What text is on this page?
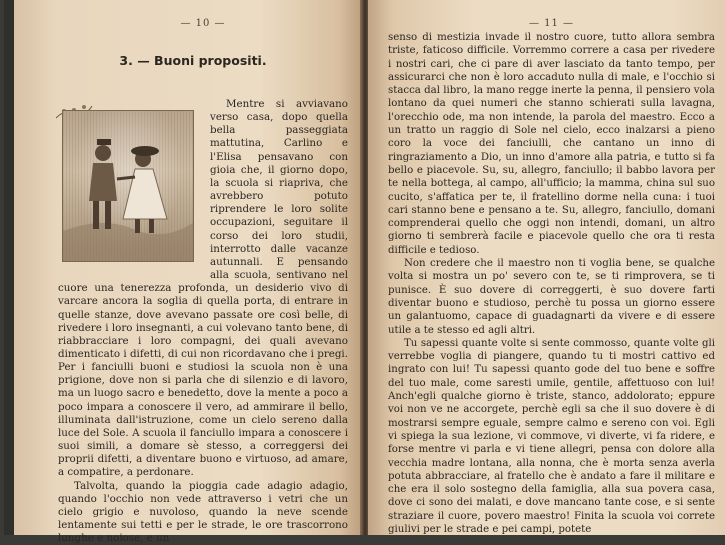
— 10 —
3. — Buoni propositi.

Mentre si avviavano verso casa, dopo quella bella passeggiata mattutina, Carlino e l'Elisa pensavano con gioia che, il giorno dopo, la scuola si riapriva, che avrebbero potuto riprendere le loro solite occupazioni, seguitare il corso dei loro studii, interrotto dalle vacanze autunnali. E pensando alla scuola, sentivano nel cuore una tenerezza profonda, un desiderio vivo di varcare ancora la soglia di quella porta, di entrare in quelle stanze, dove avevano passate ore così belle, di rivedere i loro insegnanti, a cui volevano tanto bene, di riabbracciare i loro compagni, dei quali avevano dimenticato i difetti, di cui non ricordavano che i pregi. Per i fanciulli buoni e studiosi la scuola non è una prigione, dove non si parla che di silenzio e di lavoro, ma un luogo sacro e benedetto, dove la mente a poco a poco impara a conoscere il vero, ad ammirare il bello, illuminata dall'istruzione, come un cielo sereno dalla luce del Sole. A scuola il fanciullo impara a conoscere i suoi simili, a domare sè stesso, a correggersi dei proprii difetti, a diventare buono e virtuoso, ad amare, a compatire, a perdonare.

Talvolta, quando la pioggia cade adagio adagio, quando l'occhio non vede attraverso i vetri che un cielo grigio e nuvoloso, quando la neve scende lentamente sui tetti e per le strade, le ore trascorrono lunghe e noiose, e un

— 11 —

senso di mestizia invade il nostro cuore, tutto allora sembra triste, faticoso difficile. Vorremmo correre a casa per rivedere i nostri cari, che ci pare di aver lasciato da tanto tempo, per assicurarci che non è loro accaduto nulla di male, e l'occhio si stacca dal libro, la mano regge inerte la penna, il pensiero vola lontano da quei numeri che stanno schierati sulla lavagna, l'orecchio ode, ma non intende, la parola del maestro. Ecco a un tratto un raggio di Sole nel cielo, ecco inalzarsi a pieno coro la voce dei fanciulli, che cantano un inno di ringraziamento a Dio, un inno d'amore alla patria, e tutto si fa bello e piacevole. Su, su, allegro, fanciullo; il babbo lavora per te nella bottega, al campo, all'ufficio; la mamma, china sul suo cucito, s'affatica per te, il fratellino dorme nella cuna: i tuoi cari stanno bene e pensano a te. Su, allegro, fanciullo, domani comprenderai quello che oggi non intendi, domani, un altro giorno ti sembrerà facile e piacevole quello che ora ti resta difficile e tedioso.

Non credere che il maestro non ti voglia bene, se qualche volta si mostra un po' severo con te, se ti rimprovera, se ti punisce. È suo dovere di correggerti, è suo dovere farti diventar buono e studioso, perchè tu possa un giorno essere un galantuomo, capace di guadagnarti da vivere e di essere utile a te stesso ed agli altri.

Tu sapessi quante volte si sente commosso, quante volte gli verrebbe voglia di piangere, quando tu ti mostri cattivo ed ingrato con lui! Tu sapessi quanto gode del tuo bene e soffre del tuo male, come saresti umile, gentile, affettuoso con lui! Anch'egli qualche giorno è triste, stanco, addolorato; eppure voi non ve ne accorgete, perchè egli sa che il suo dovere è di mostrarsi sempre eguale, sempre calmo e sereno con voi. Egli vi spiega la sua lezione, vi commove, vi diverte, vi fa ridere, e forse mentre vi parla e vi tiene allegri, pensa con dolore alla vecchia madre lontana, alla nonna, che è morta senza averla potuta abbracciare, al fratello che è andato a fare il militare e che era il solo sostegno della famiglia, alla sua povera casa, dove ci sono dei malati, e dove mancano tante cose, e si sente straziare il cuore, povero maestro! Finita la scuola voi correte giulivi per le strade e pei campi, potete
